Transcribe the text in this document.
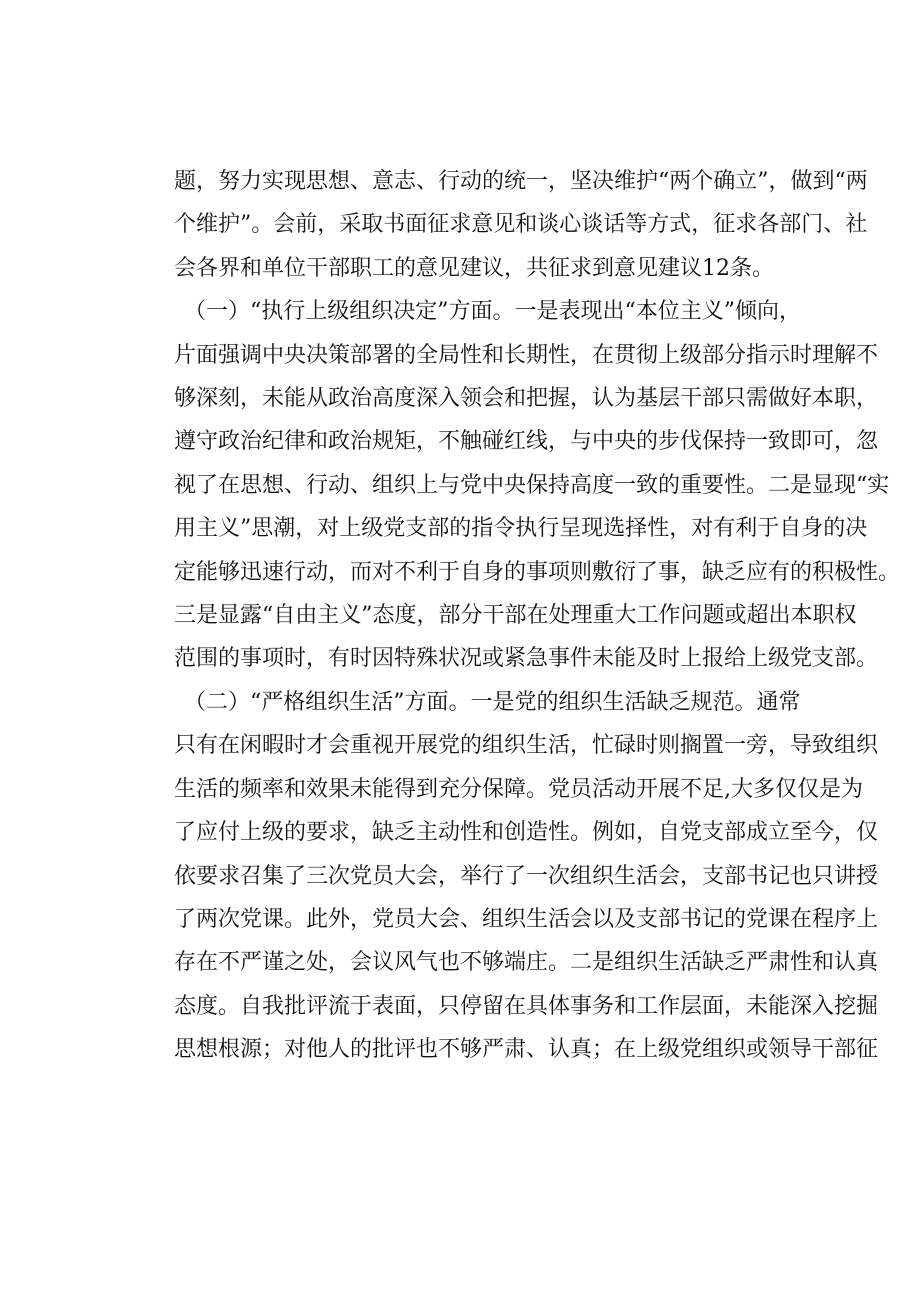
题，努力实现思想、意志、行动的统一，坚决维护“两个确立”，做到“两
个维护”。会前，采取书面征求意见和谈心谈话等方式，征求各部门、社
会各界和单位干部职工的意见建议，共征求到意见建议12条。
（一）“执行上级组织决定”方面。一是表现出“本位主义”倾向，
片面强调中央决策部署的全局性和长期性，在贯彻上级部分指示时理解不
够深刻，未能从政治高度深入领会和把握，认为基层干部只需做好本职，
遵守政治纪律和政治规矩，不触碰红线，与中央的步伐保持一致即可，忽
视了在思想、行动、组织上与党中央保持高度一致的重要性。二是显现“实
用主义”思潮，对上级党支部的指令执行呈现选择性，对有利于自身的决
定能够迅速行动，而对不利于自身的事项则敷衍了事，缺乏应有的积极性。
三是显露“自由主义”态度，部分干部在处理重大工作问题或超出本职权
范围的事项时，有时因特殊状况或紧急事件未能及时上报给上级党支部。
（二）“严格组织生活”方面。一是党的组织生活缺乏规范。通常
只有在闲暇时才会重视开展党的组织生活，忙碌时则搁置一旁，导致组织
生活的频率和效果未能得到充分保障。党员活动开展不足,大多仅仅是为
了应付上级的要求，缺乏主动性和创造性。例如，自党支部成立至今，仅
依要求召集了三次党员大会，举行了一次组织生活会，支部书记也只讲授
了两次党课。此外，党员大会、组织生活会以及支部书记的党课在程序上
存在不严谨之处，会议风气也不够端庄。二是组织生活缺乏严肃性和认真
态度。自我批评流于表面，只停留在具体事务和工作层面，未能深入挖掘
思想根源；对他人的批评也不够严肃、认真；在上级党组织或领导干部征
